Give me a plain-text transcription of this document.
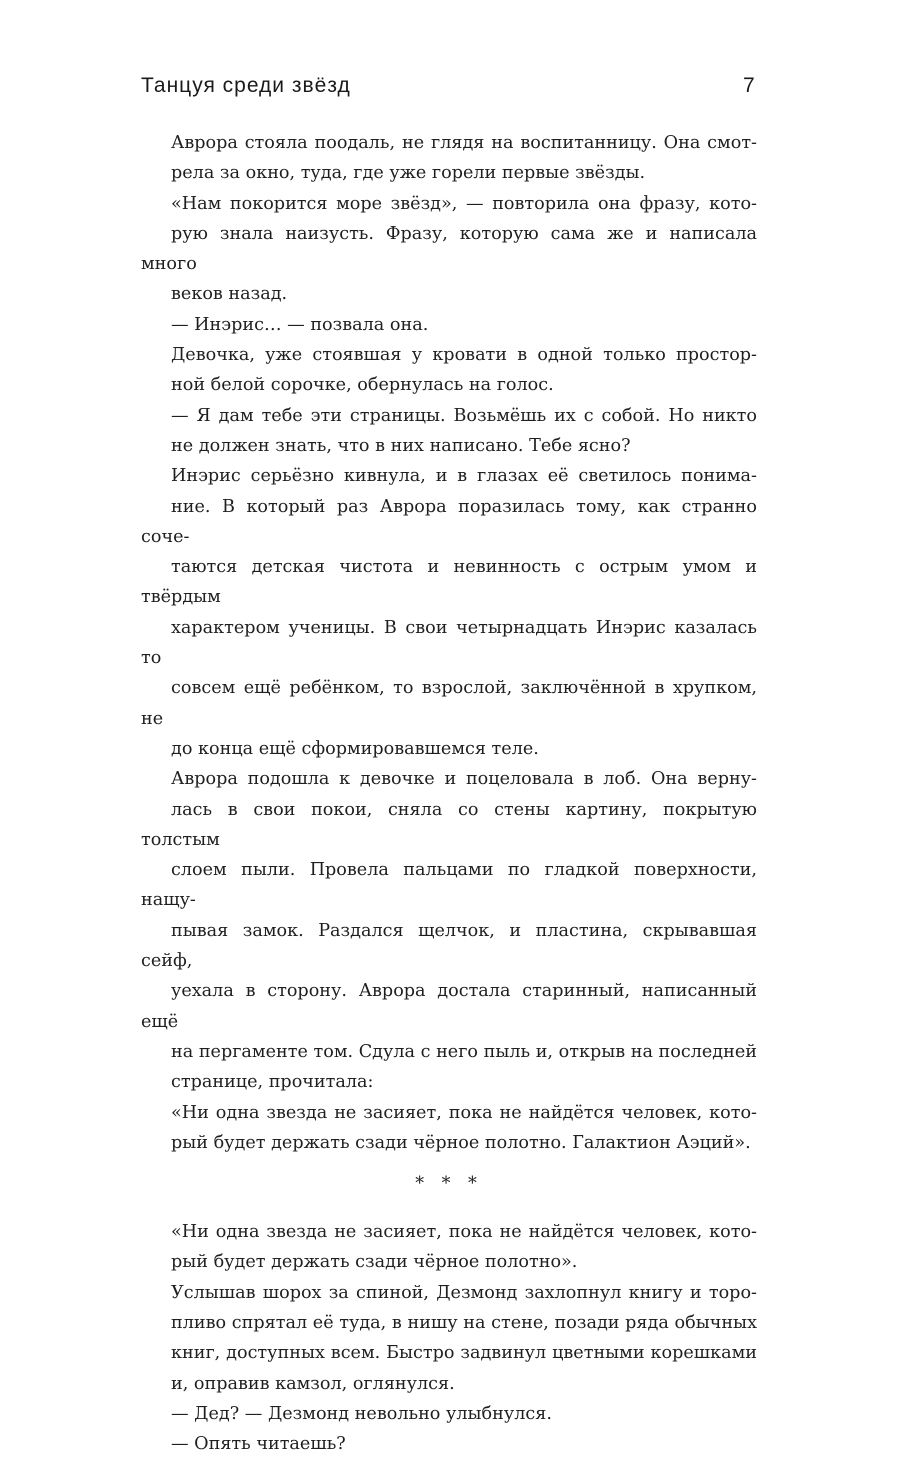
Танцуя среди звёзд	7

Аврора стояла поодаль, не глядя на воспитанницу. Она смот-
рела за окно, туда, где уже горели первые звёзды.

«Нам покорится море звёзд», — повторила она фразу, кото-
рую знала наизусть. Фразу, которую сама же и написала много
веков назад.

— Инэрис… — позвала она.

Девочка, уже стоявшая у кровати в одной только простор-
ной белой сорочке, обернулась на голос.

— Я дам тебе эти страницы. Возьмёшь их с собой. Но никто
не должен знать, что в них написано. Тебе ясно?

Инэрис серьёзно кивнула, и в глазах её светилось понима-
ние. В который раз Аврора поразилась тому, как странно соче-
таются детская чистота и невинность с острым умом и твёрдым
характером ученицы. В свои четырнадцать Инэрис казалась то
совсем ещё ребёнком, то взрослой, заключённой в хрупком, не
до конца ещё сформировавшемся теле.

Аврора подошла к девочке и поцеловала в лоб. Она верну-
лась в свои покои, сняла со стены картину, покрытую толстым
слоем пыли. Провела пальцами по гладкой поверхности, нащу-
пывая замок. Раздался щелчок, и пластина, скрывавшая сейф,
уехала в сторону. Аврора достала старинный, написанный ещё
на пергаменте том. Сдула с него пыль и, открыв на последней
странице, прочитала:

«Ни одна звезда не засияет, пока не найдётся человек, кото-
рый будет держать сзади чёрное полотно. Галактион Аэций».

* * *

«Ни одна звезда не засияет, пока не найдётся человек, кото-
рый будет держать сзади чёрное полотно».

Услышав шорох за спиной, Дезмонд захлопнул книгу и торо-
пливо спрятал её туда, в нишу на стене, позади ряда обычных
книг, доступных всем. Быстро задвинул цветными корешками
и, оправив камзол, оглянулся.

— Дед? — Дезмонд невольно улыбнулся.

— Опять читаешь?
